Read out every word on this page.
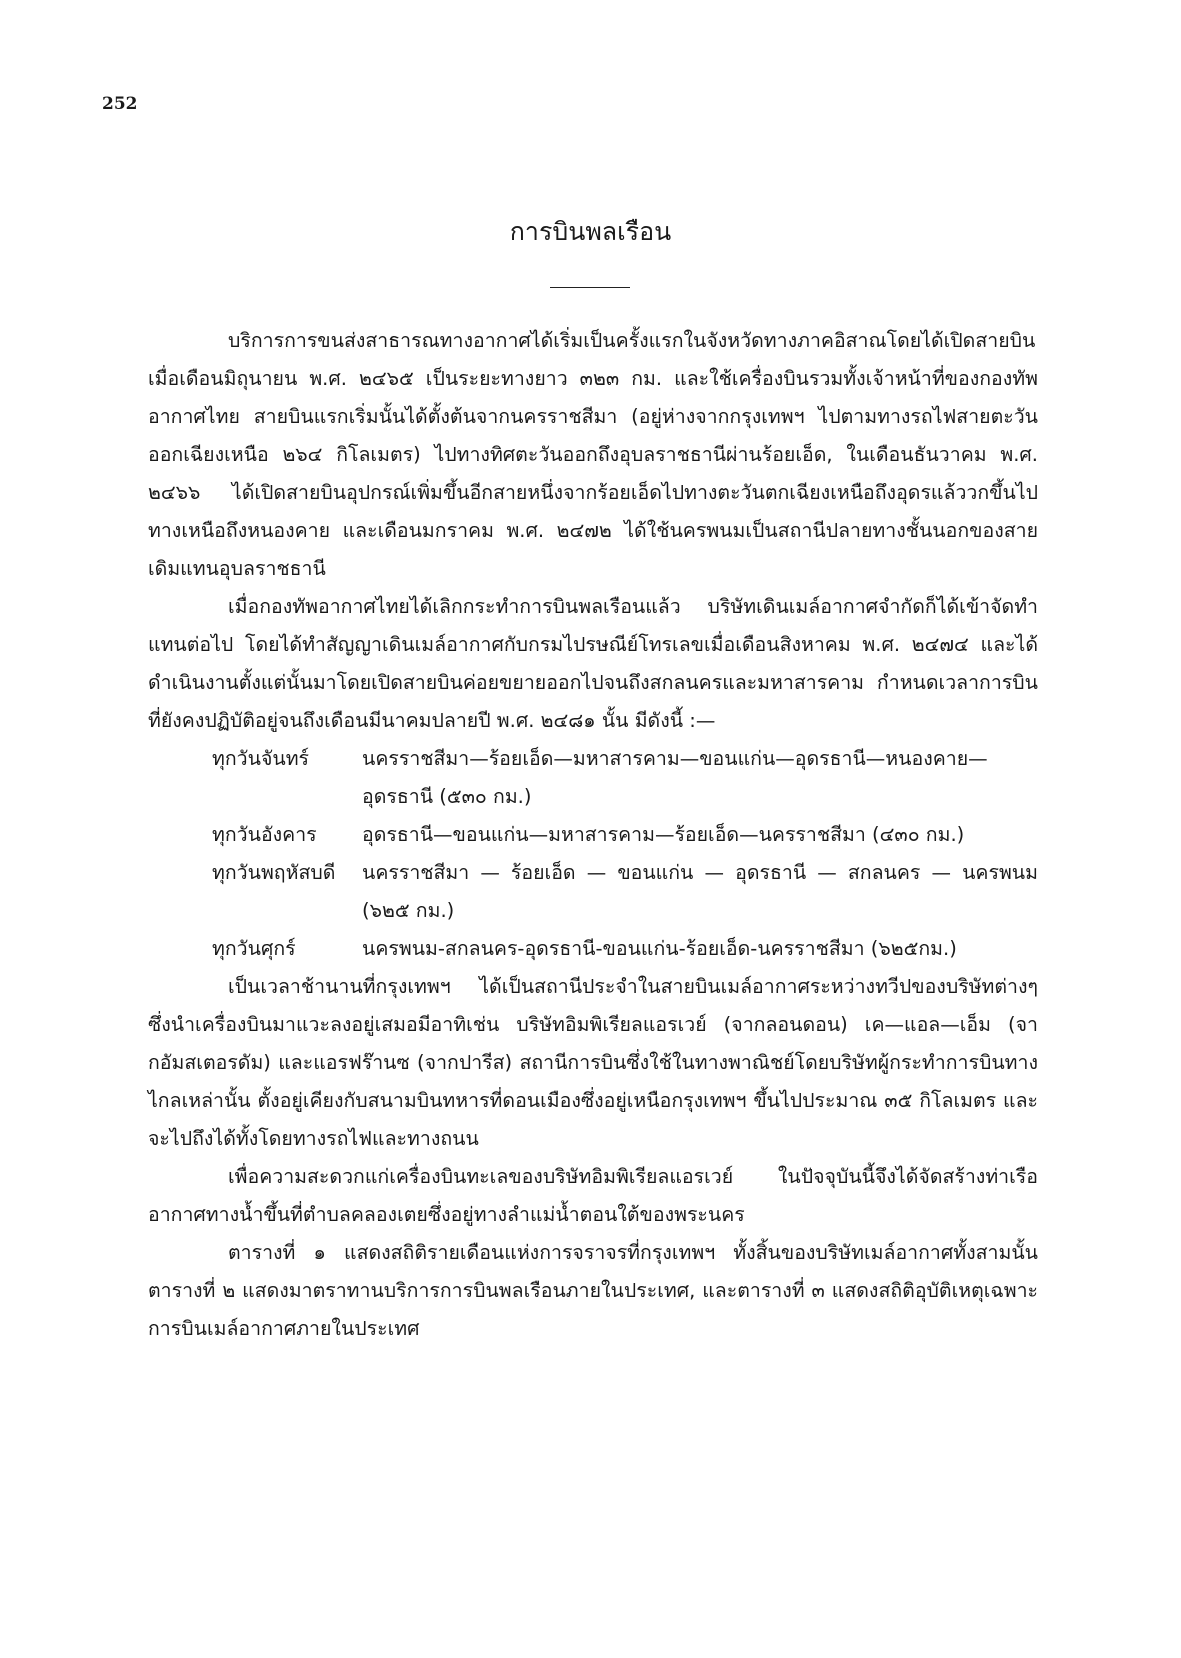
252
การบินพลเรือน

บริการการขนส่งสาธารณทางอากาศได้เริ่มเป็นครั้งแรกในจังหวัดทางภาคอิสาณโดยได้เปิดสายบินเมื่อเดือนมิถุนายน พ.ศ. ๒๔๖๕ เป็นระยะทางยาว ๓๒๓ กม. และใช้เครื่องบินรวมทั้งเจ้าหน้าที่ของกองทัพอากาศไทย สายบินแรกเริ่มนั้นได้ตั้งต้นจากนครราชสีมา (อยู่ห่างจากกรุงเทพฯ ไปตามทางรถไฟสายตะวันออกเฉียงเหนือ ๒๖๔ กิโลเมตร) ไปทางทิศตะวันออกถึงอุบลราชธานีผ่านร้อยเอ็ด, ในเดือนธันวาคม พ.ศ. ๒๔๖๖ ได้เปิดสายบินอุปกรณ์เพิ่มขึ้นอีกสายหนึ่งจากร้อยเอ็ดไปทางตะวันตกเฉียงเหนือถึงอุดรแล้ววกขึ้นไปทางเหนือถึงหนองคาย และเดือนมกราคม พ.ศ. ๒๔๗๒ ได้ใช้นครพนมเป็นสถานีปลายทางชั้นนอกของสายเดิมแทนอุบลราชธานี

เมื่อกองทัพอากาศไทยได้เลิกกระทำการบินพลเรือนแล้ว บริษัทเดินเมล์อากาศจำกัดก็ได้เข้าจัดทำแทนต่อไป โดยได้ทำสัญญาเดินเมล์อากาศกับกรมไปรษณีย์โทรเลขเมื่อเดือนสิงหาคม พ.ศ. ๒๔๗๔ และได้ดำเนินงานตั้งแต่นั้นมาโดยเปิดสายบินค่อยขยายออกไปจนถึงสกลนครและมหาสารคาม กำหนดเวลาการบินที่ยังคงปฏิบัติอยู่จนถึงเดือนมีนาคมปลายปี พ.ศ. ๒๔๘๑ นั้น มีดังนี้ :—

ทุกวันจันทร์	นครราชสีมา—ร้อยเอ็ด—มหาสารคาม—ขอนแก่น—อุดรธานี—หนองคาย—อุดรธานี (๕๓๐ กม.)
ทุกวันอังคาร	อุดรธานี—ขอนแก่น—มหาสารคาม—ร้อยเอ็ด—นครราชสีมา (๔๓๐ กม.)
ทุกวันพฤหัสบดี	นครราชสีมา — ร้อยเอ็ด — ขอนแก่น — อุดรธานี — สกลนคร — นครพนม (๖๒๕ กม.)
ทุกวันศุกร์	นครพนม-สกลนคร-อุดรธานี-ขอนแก่น-ร้อยเอ็ด-นครราชสีมา (๖๒๕กม.)

เป็นเวลาช้านานที่กรุงเทพฯ ได้เป็นสถานีประจำในสายบินเมล์อากาศระหว่างทวีปของบริษัทต่างๆ ซึ่งนำเครื่องบินมาแวะลงอยู่เสมอมีอาทิเช่น บริษัทอิมพิเรียลแอรเวย์ (จากลอนดอน) เค—แอล—เอ็ม (จากอัมสเตอรดัม) และแอรฟร๊านซ (จากปารีส) สถานีการบินซึ่งใช้ในทางพาณิชย์โดยบริษัทผู้กระทำการบินทางไกลเหล่านั้น ตั้งอยู่เคียงกับสนามบินทหารที่ดอนเมืองซึ่งอยู่เหนือกรุงเทพฯ ขึ้นไปประมาณ ๓๕ กิโลเมตร และจะไปถึงได้ทั้งโดยทางรถไฟและทางถนน

เพื่อความสะดวกแก่เครื่องบินทะเลของบริษัทอิมพิเรียลแอรเวย์ ในปัจจุบันนี้จึงได้จัดสร้างท่าเรืออากาศทางน้ำขึ้นที่ตำบลคลองเตยซึ่งอยู่ทางลำแม่น้ำตอนใต้ของพระนคร

ตารางที่ ๑ แสดงสถิติรายเดือนแห่งการจราจรที่กรุงเทพฯ ทั้งสิ้นของบริษัทเมล์อากาศทั้งสามนั้น ตารางที่ ๒ แสดงมาตราทานบริการการบินพลเรือนภายในประเทศ, และตารางที่ ๓ แสดงสถิติอุบัติเหตุเฉพาะการบินเมล์อากาศภายในประเทศ
